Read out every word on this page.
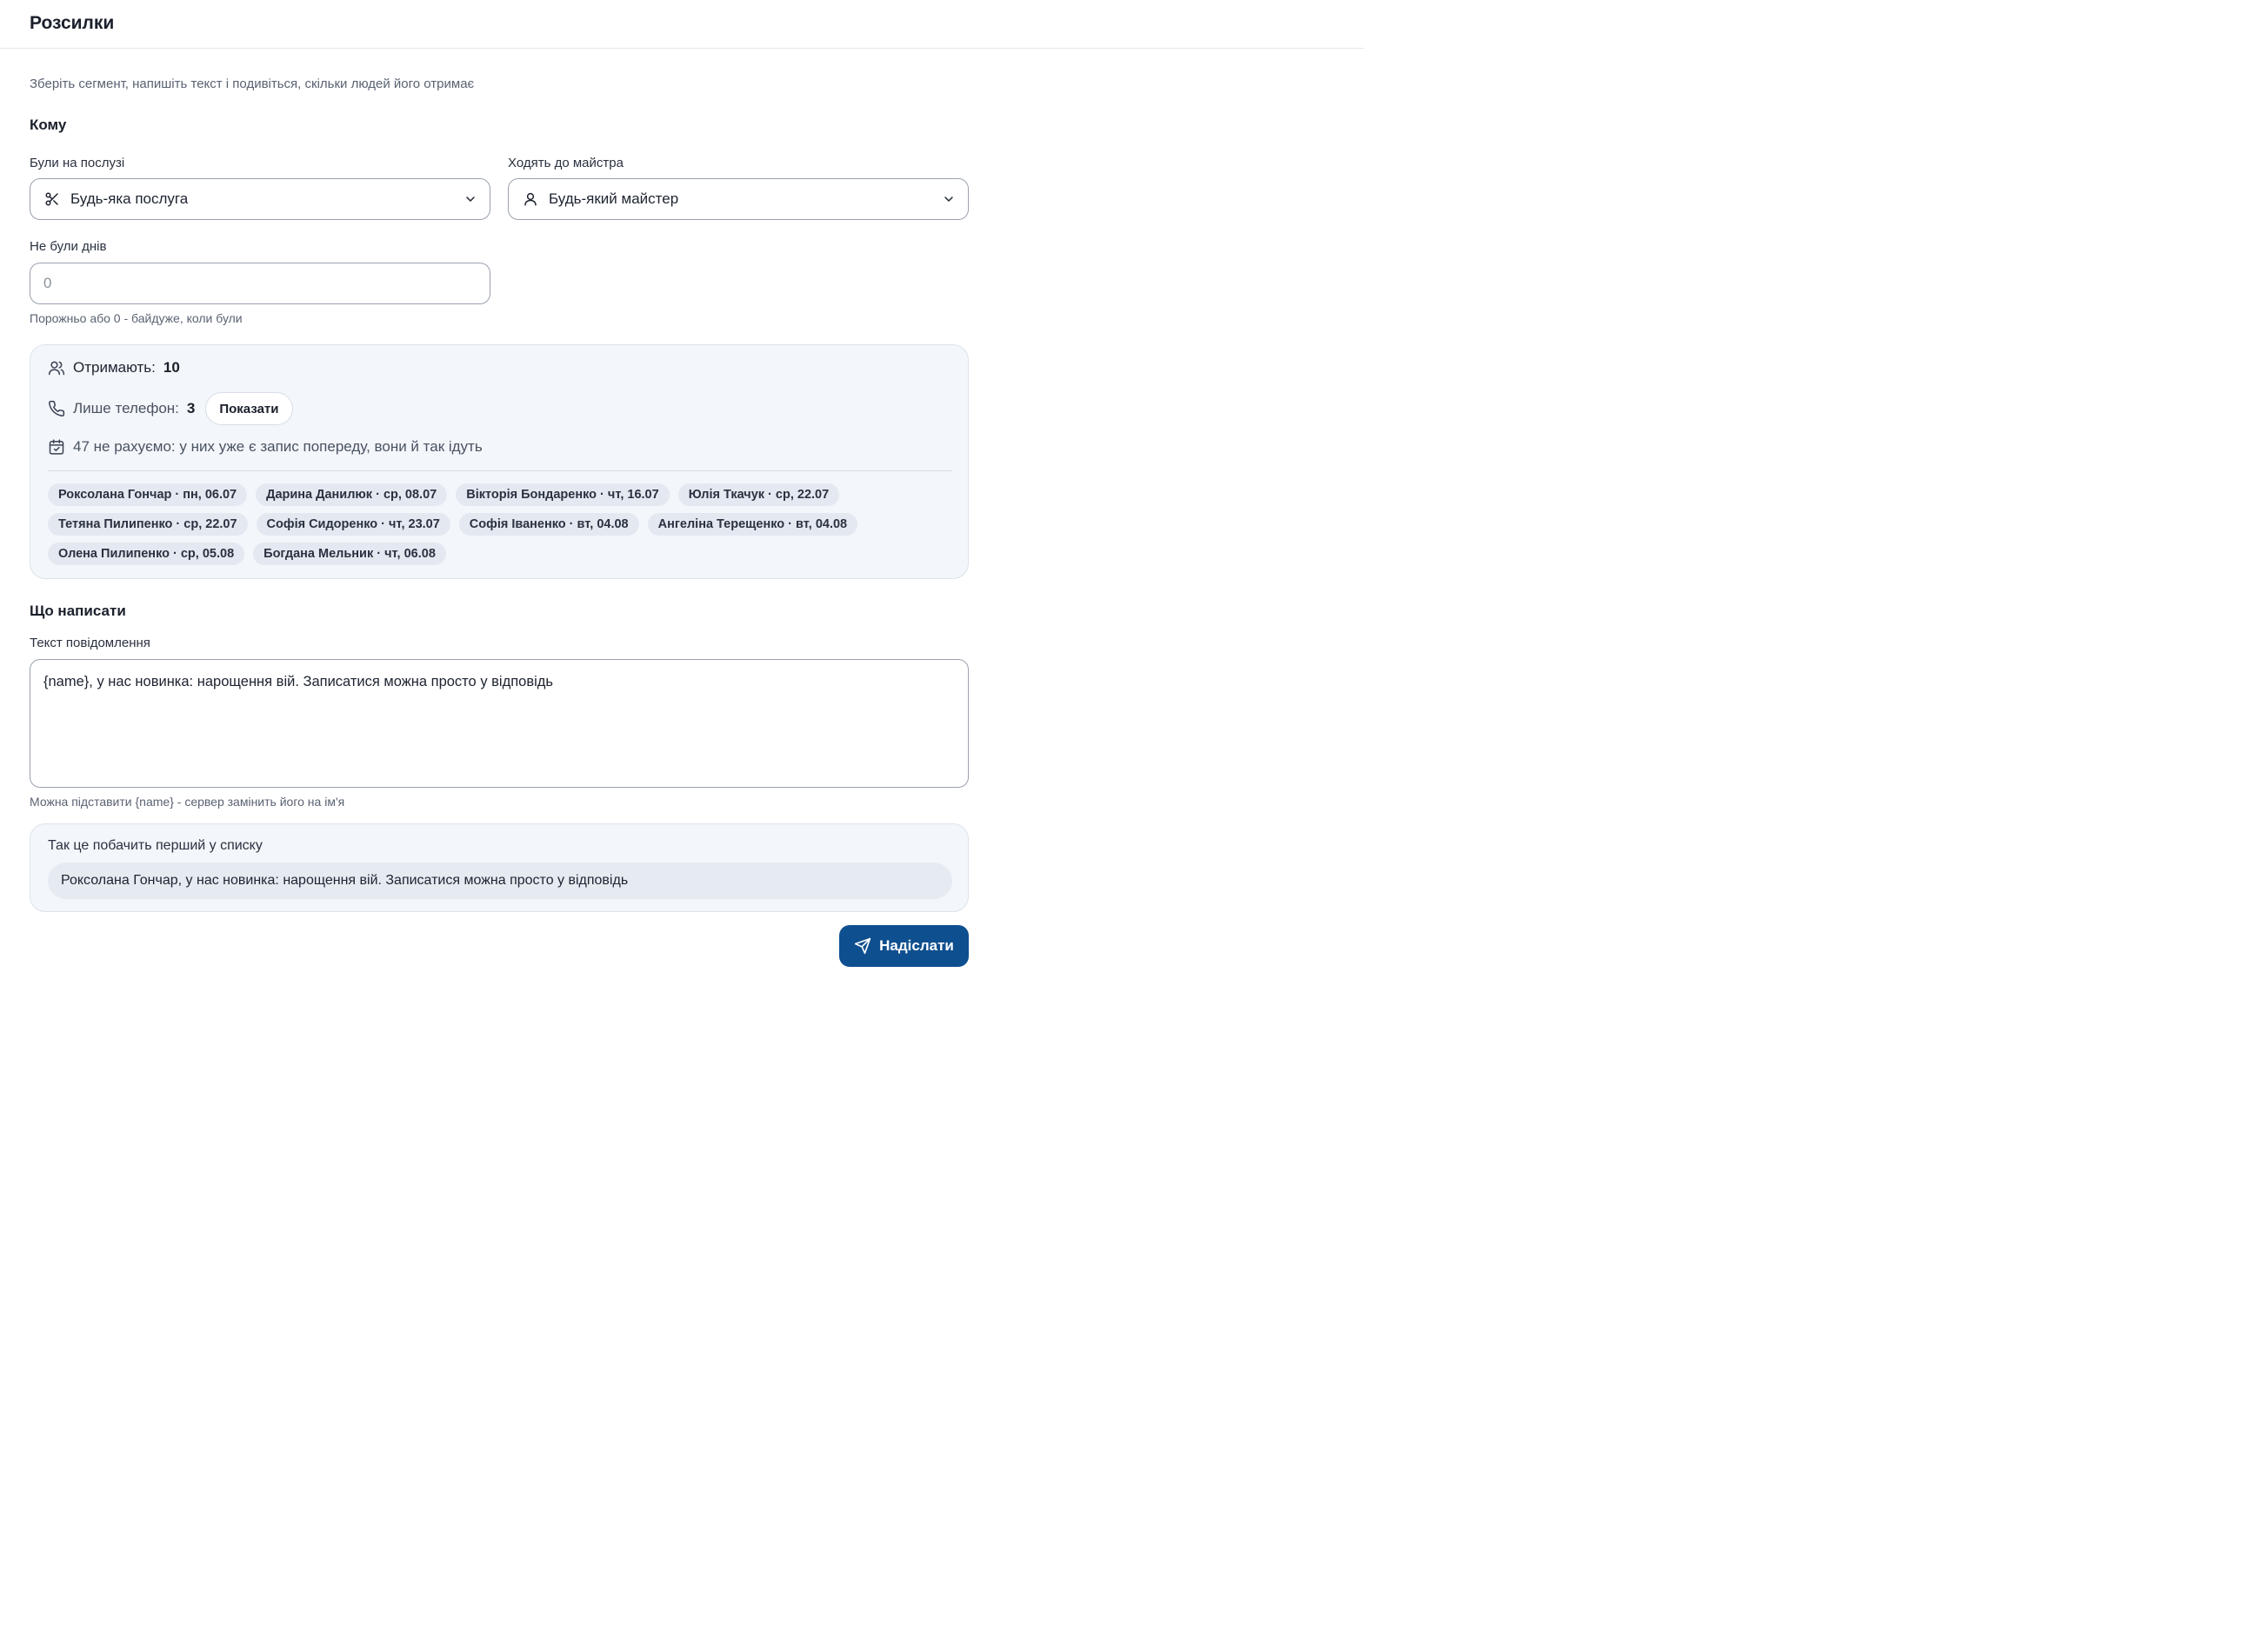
Розсилки
Зберіть сегмент, напишіть текст і подивіться, скільки людей його отримає
Кому
Були на послузі
Будь-яка послуга
Ходять до майстра
Будь-який майстер
Не були днів
0
Порожньо або 0 - байдуже, коли були
Отримають: 10
Лише телефон: 3	Показати
47 не рахуємо: у них уже є запис попереду, вони й так ідуть
Роксолана Гончар · пн, 06.07	Дарина Данилюк · ср, 08.07	Вікторія Бондаренко · чт, 16.07	Юлія Ткачук · ср, 22.07
Тетяна Пилипенко · ср, 22.07	Софія Сидоренко · чт, 23.07	Софія Іваненко · вт, 04.08	Ангеліна Терещенко · вт, 04.08
Олена Пилипенко · ср, 05.08	Богдана Мельник · чт, 06.08
Що написати
Текст повідомлення
{name}, у нас новинка: нарощення вій. Записатися можна просто у відповідь
Можна підставити {name} - сервер замінить його на ім'я
Так це побачить перший у списку
Роксолана Гончар, у нас новинка: нарощення вій. Записатися можна просто у відповідь
Надіслати
